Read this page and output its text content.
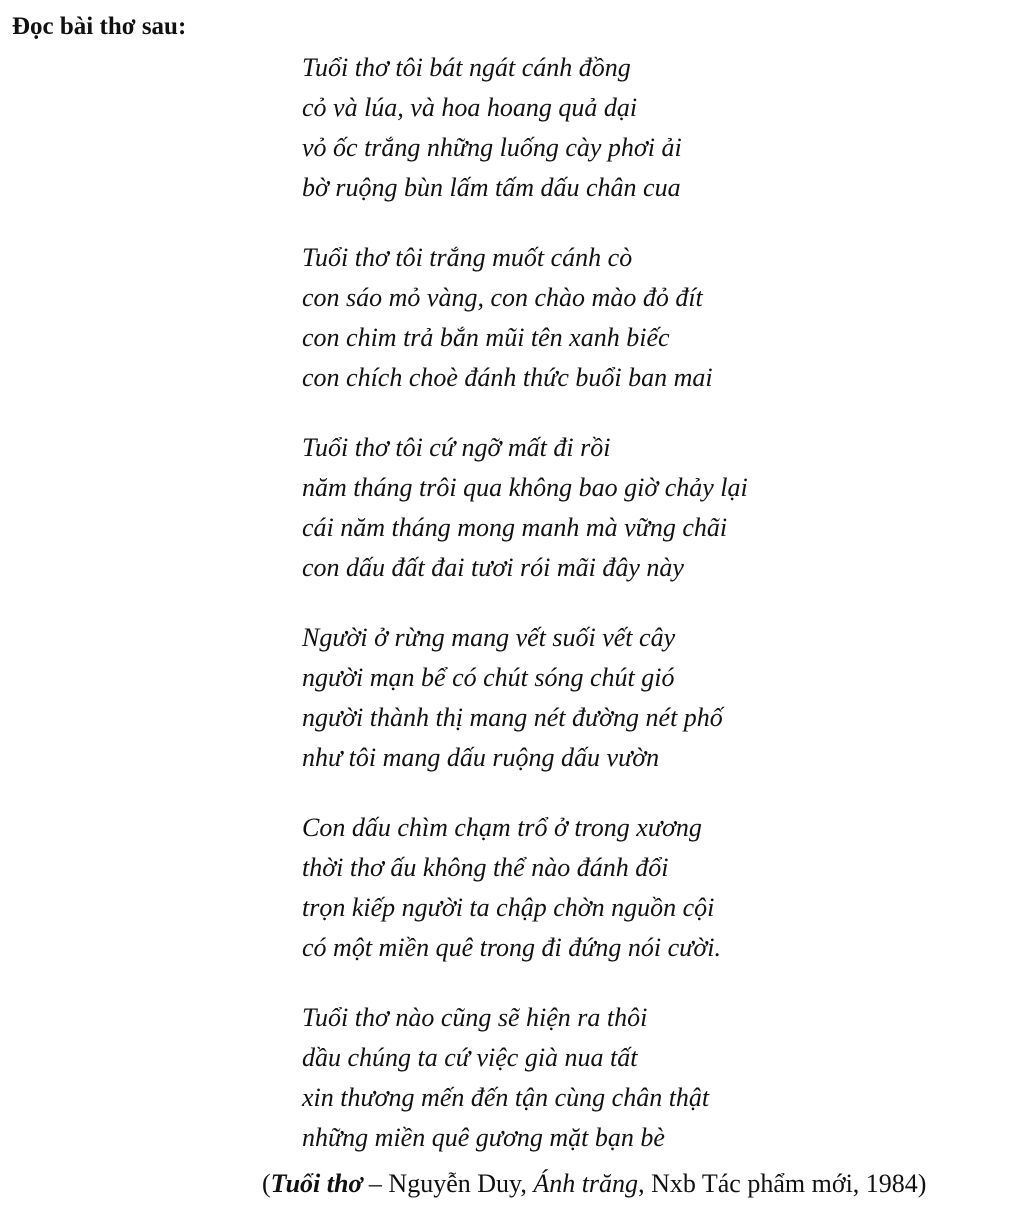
Đọc bài thơ sau:
Tuổi thơ tôi bát ngát cánh đồng
cỏ và lúa, và hoa hoang quả dại
vỏ ốc trắng những luống cày phơi ải
bờ ruộng bùn lấm tấm dấu chân cua
Tuổi thơ tôi trắng muốt cánh cò
con sáo mỏ vàng, con chào mào đỏ đít
con chim trả bắn mũi tên xanh biếc
con chích choè đánh thức buổi ban mai
Tuổi thơ tôi cứ ngỡ mất đi rồi
năm tháng trôi qua không bao giờ chảy lại
cái năm tháng mong manh mà vững chãi
con dấu đất đai tươi rói mãi đây này
Người ở rừng mang vết suối vết cây
người mạn bể có chút sóng chút gió
người thành thị mang nét đường nét phố
như tôi mang dấu ruộng dấu vườn
Con dấu chìm chạm trổ ở trong xương
thời thơ ấu không thể nào đánh đổi
trọn kiếp người ta chập chờn nguồn cội
có một miền quê trong đi đứng nói cười.
Tuổi thơ nào cũng sẽ hiện ra thôi
dầu chúng ta cứ việc già nua tất
xin thương mến đến tận cùng chân thật
những miền quê gương mặt bạn bè
(Tuổi thơ – Nguyễn Duy, Ánh trăng, Nxb Tác phẩm mới, 1984)
